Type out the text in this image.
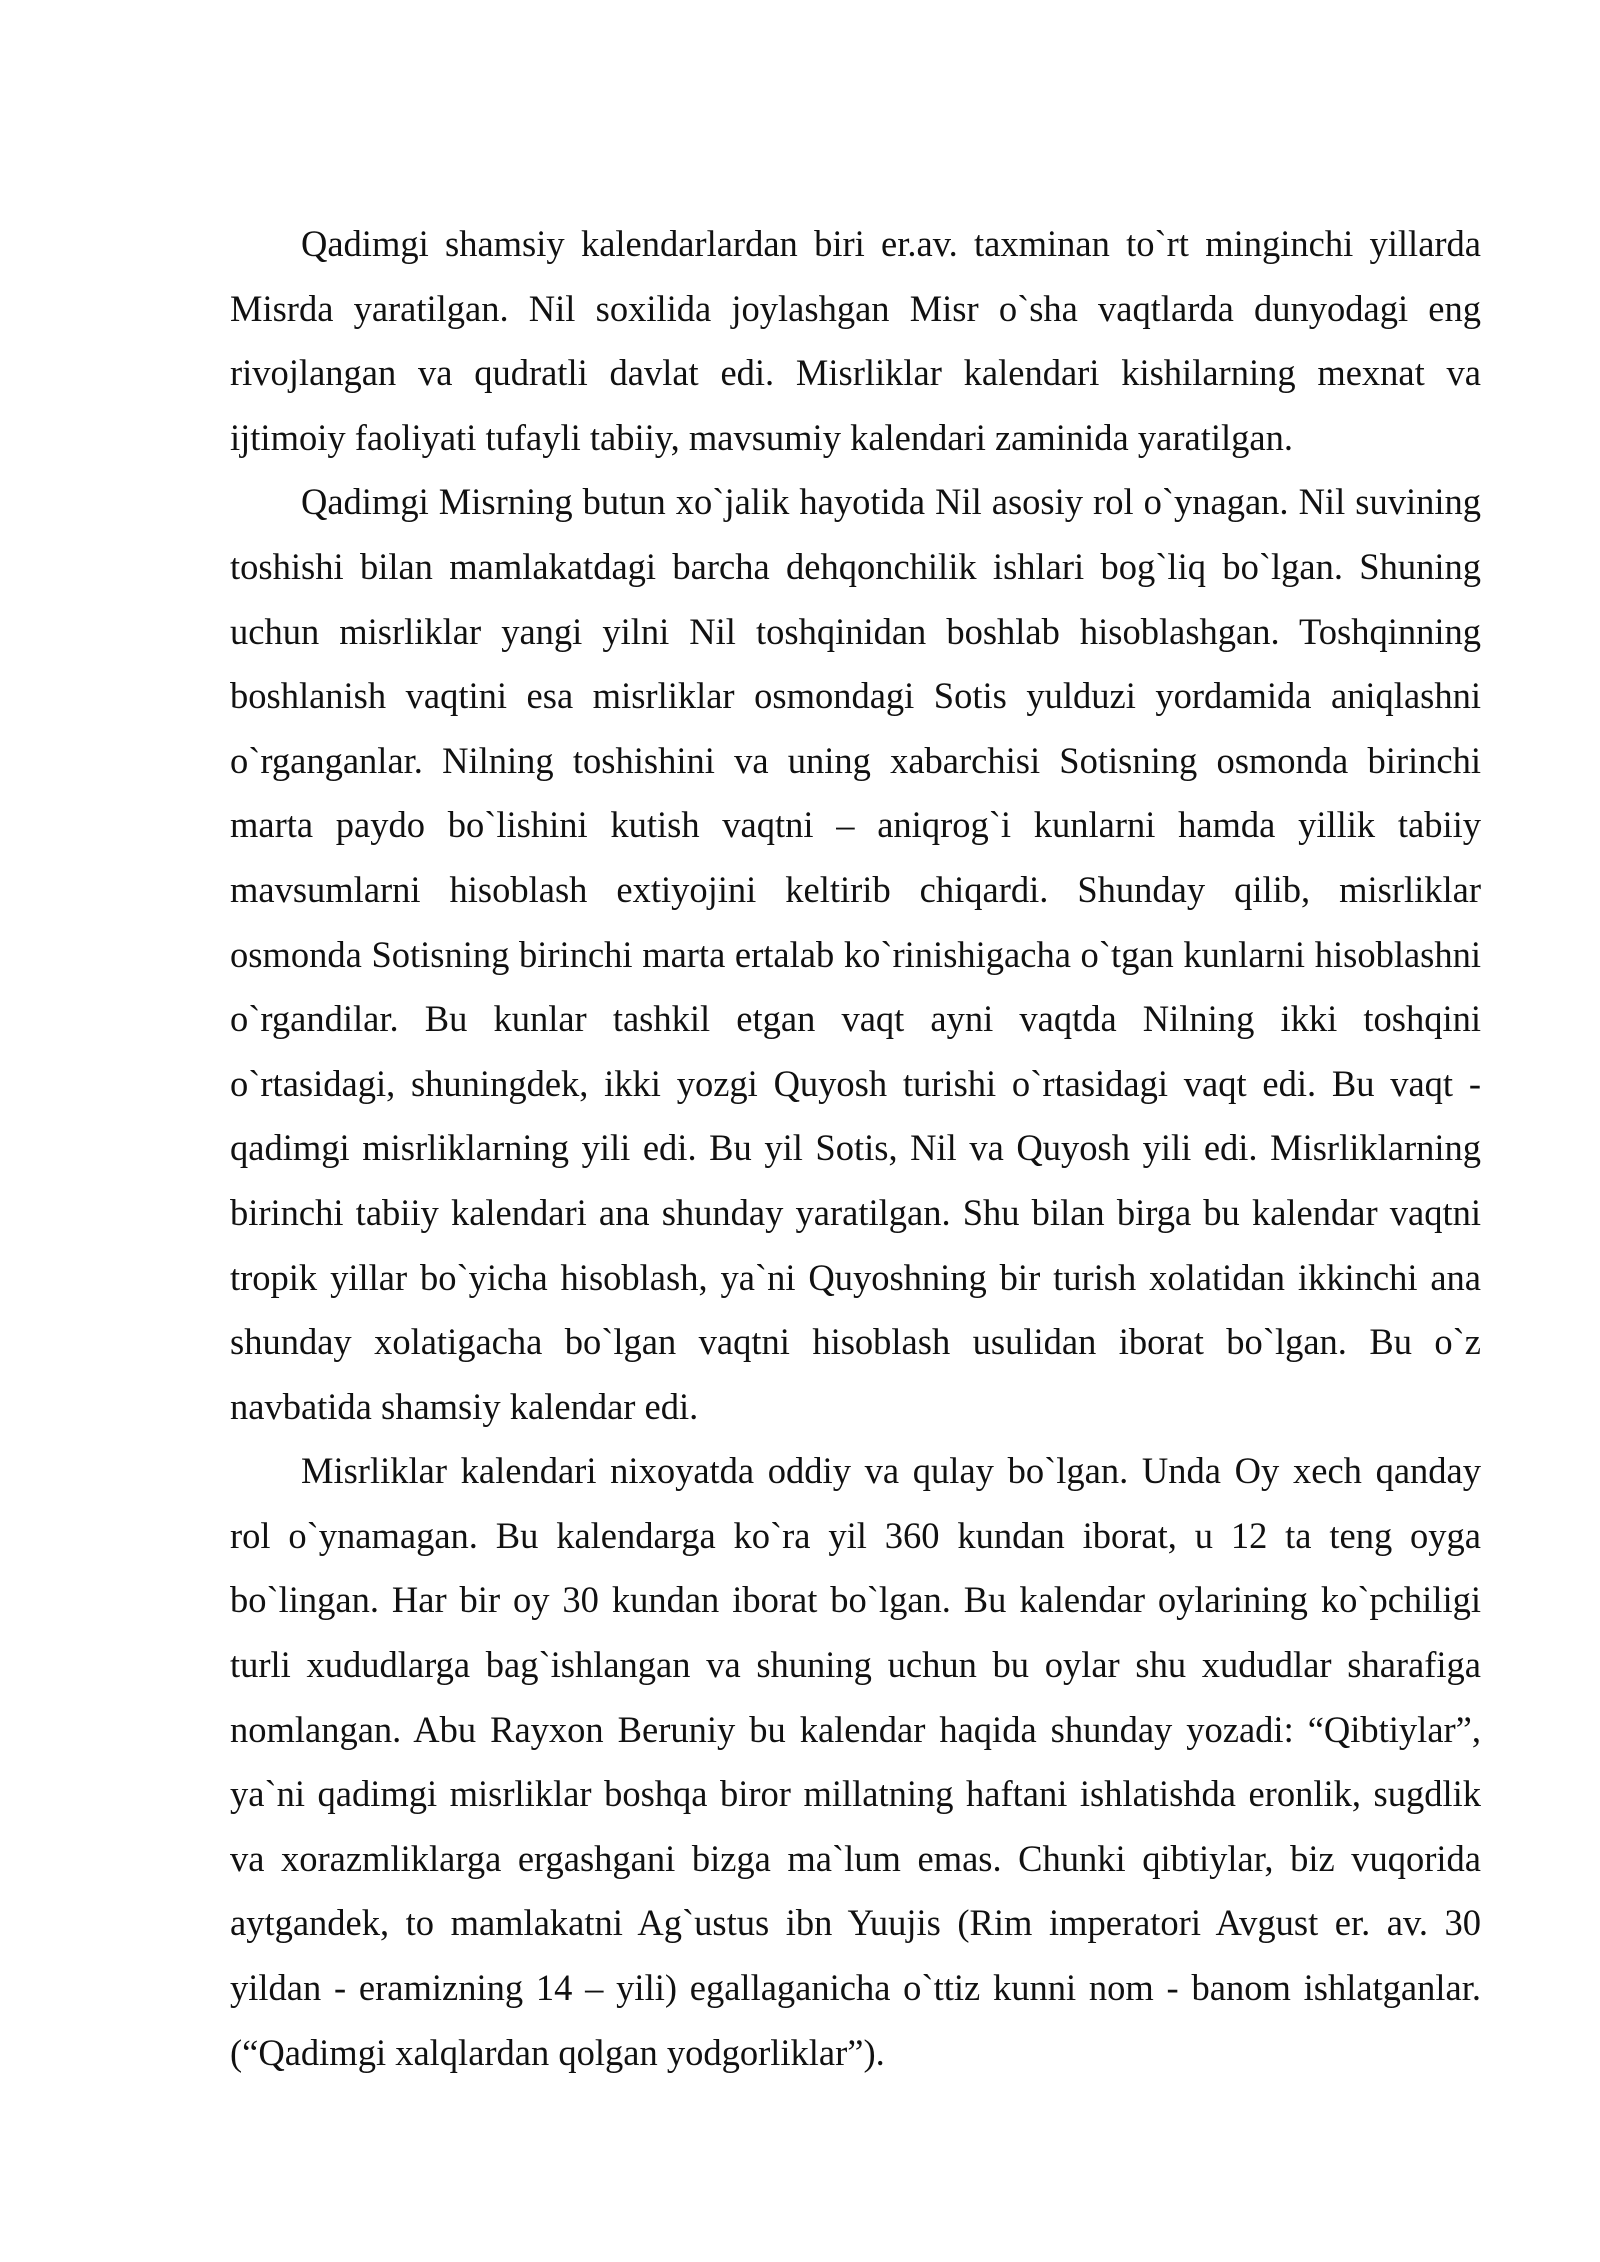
Qadimgi shamsiy kalendarlardan biri er.av. taxminan to`rt minginchi yillarda Misrda yaratilgan. Nil soxilida joylashgan Misr o`sha vaqtlarda dunyodagi eng rivojlangan va qudratli davlat edi. Misrliklar kalendari kishilarning mexnat va ijtimoiy faoliyati tufayli tabiiy, mavsumiy kalendari zaminida yaratilgan.

Qadimgi Misrning butun xo`jalik hayotida Nil asosiy rol o`ynagan. Nil suvining toshishi bilan mamlakatdagi barcha dehqonchilik ishlari bog`liq bo`lgan. Shuning uchun misrliklar yangi yilni Nil toshqinidan boshlab hisoblashgan. Toshqinning boshlanish vaqtini esa misrliklar osmondagi Sotis yulduzi yordamida aniqlashni o`rganganlar. Nilning toshishini va uning xabarchisi Sotisning osmonda birinchi marta paydo bo`lishini kutish vaqtni – aniqrog`i kunlarni hamda yillik tabiiy mavsumlarni hisoblash extiyojini keltirib chiqardi. Shunday qilib, misrliklar osmonda Sotisning birinchi marta ertalab ko`rinishigacha o`tgan kunlarni hisoblashni o`rgandilar. Bu kunlar tashkil etgan vaqt ayni vaqtda Nilning ikki toshqini o`rtasidagi, shuningdek, ikki yozgi Quyosh turishi o`rtasidagi vaqt edi. Bu vaqt - qadimgi misrliklarning yili edi. Bu yil Sotis, Nil va Quyosh yili edi. Misrliklarning birinchi tabiiy kalendari ana shunday yaratilgan. Shu bilan birga bu kalendar vaqtni tropik yillar bo`yicha hisoblash, ya`ni Quyoshning bir turish xolatidan ikkinchi ana shunday xolatigacha bo`lgan vaqtni hisoblash usulidan iborat bo`lgan. Bu o`z navbatida shamsiy kalendar edi.

Misrliklar kalendari nixoyatda oddiy va qulay bo`lgan. Unda Oy xech qanday rol o`ynamagan. Bu kalendarga ko`ra yil 360 kundan iborat, u 12 ta teng oyga bo`lingan. Har bir oy 30 kundan iborat bo`lgan. Bu kalendar oylarining ko`pchiligi turli xududlarga bag`ishlangan va shuning uchun bu oylar shu xududlar sharafiga nomlangan. Abu Rayxon Beruniy bu kalendar haqida shunday yozadi: “Qibtiylar”, ya`ni qadimgi misrliklar boshqa biror millatning haftani ishlatishda eronlik, sugdlik va xorazmliklarga ergashgani bizga ma`lum emas. Chunki qibtiylar, biz vuqorida aytgandek, to mamlakatni Ag`ustus ibn Yuujis (Rim imperatori Avgust er. av. 30 yildan - eramizning 14 – yili) egallaganicha o`ttiz kunni nom - banom ishlatganlar. (“Qadimgi xalqlardan qolgan yodgorliklar”).
